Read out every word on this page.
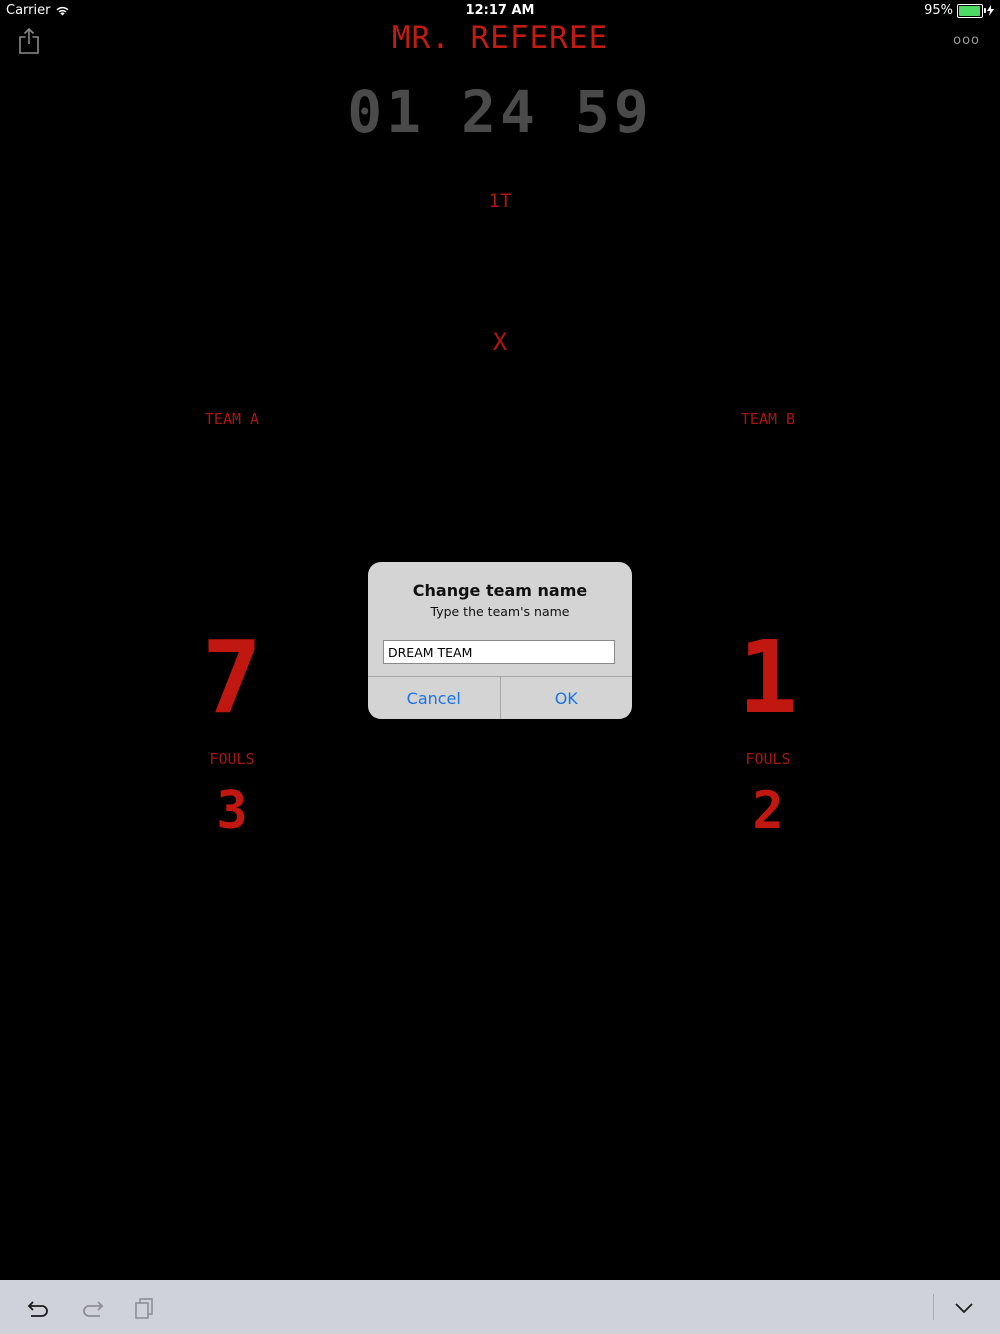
Carrier	12:17 AM	95%
MR. REFEREE	ooo
01 24 59
1T
X
TEAM A
7
FOULS
3
TEAM B
1
FOULS
2
Change team name
Type the team's name
DREAM TEAM
Cancel	OK
